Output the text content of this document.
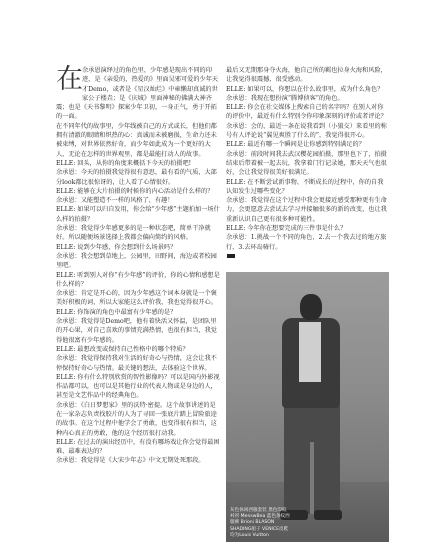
在 余承恩演绎过的角色里，少年感是现出不同的印迹，是《亲爱的，热爱的》里面吴邪可爱的少年天才Demo，或者是《星汉灿烂》中雍懒却真诚的世家公子楼垚；是《庆城》里面神秘的佛满大神齐震；也是《天书黎明》探案少年卫初，一身正气，勇于开拓的一面。

在不同年代的故事里，少年线被自己的方式或长，但他们都拥有清澈的眼睛和炽热的心：真诚而未被磨损，生命力还未被束缚，对世界依然好奇，而少年如此成为一个更好的大人，无论在怎样的世界观里，都是最能打动人的故事。

ELLE: 回头，从你的角度来概括下今天的拍摄吧!

余承恩：今天的拍摄我觉得很有意思，最有看的气质，大部分look都比很惊讶的，让人看了心情很好。

ELLE: 能够在大片拍摄的时候你的内心活动是什么样的？

余承恩：又能塑造不一样的风格了，有趣！

ELLE: 如果可以归自发用，你会给“少年感”主题拍加一场什么样的拍摄？

余承恩：我觉得少年感更多的是一种状态吧，简单干净就好。所以随便场景选择上我都会偏向简约的风格。

ELLE: 说到少年感，你会想到什么场景吗？

余承恩：我会想到草地上，公园里，田野间，海边或者校园里吧。

ELLE: 听到别人对你“有少年感”的评价，你的心情和感想是什么样的？

余承恩：肯定是开心的，因为少年感这个词本身就是一个褒美好积极的词，所以大家能这么评价我，我也觉得很开心。

ELLE: 你饰演的角色中最富有少年感的是？

余承恩：我觉得是Demo吧，他有着快活又怀温，是团队里的开心果，对自己喜欢的事情充满热情，也很有担当，我觉得他很富有少年感的。

ELLE: 最想改变或保持自己性格中的哪个特质？

余承恩：我觉得保持我对生活的好奇心与热情，这会让我不停保持好奇心与热情。最关键的想法，去体验这个世界。

ELLE: 你有什么特别欣赏的智性影像吗？可以是国内外影视作品都可以，也可以是其他行业的代表人物或是身边的人，甚至是文艺作品中的经典角色。

余承恩：《白日梦想家》里的沃特·密提。这个故事讲述的是在一家杂志负责找胶片的人为了寻回一张底片踏上冒险旅途的故事。在这个过程中他学会了勇敢，也变得很有担当，这种内心真正的勇敢，他的这个经历很打动我。

ELLE: 在过去的演出经历中，有没有哪场戏让你会觉得最困难、最难表达的？

余承恩：我觉得是《大宋少年志》中文无期处死那段。

最后又无期那身夺火海，他自己所的羁也拉身火海和风险，让我觉得很震撼，很受感动。

ELLE: 如果可以，你想以在什么故事里，成为什么角色？

余承恩：我现在想扮演“腾博侦客”的角色。

ELLE: 你会在社交媒体上搜索自己的名字吗？在别人对你的评价中，最近有什么特别令你印象深刻的评价或者评论？

余承恩：会的，最近一条在说我看到（小狼交）来看里的称号有人评论说“翼见爽胜了什么的”，我觉得很开心。

ELLE: 最近有哪一个瞬间是让你感到特别满足的？

余承恩：前段时间我去武汉樱花园拍摄，那里也下了，拍摄结束后带着被一起去玩，我拿着门行记录她，那天天气也很好，会让我觉得很美好很满足。

ELLE: 在不断尝试新事物、不断成长的过程中，你的自我认知发生过哪些变化？

余承恩：我觉得在这个过程中我会更接近感受那种更有生命力，会更愿意去尝试去学习并接触很多的新的改变，也让我重新认识自己更有很多种可能性。

ELLE: 今年你在想要完成的三件事是什么？

余承恩：1.挑战一个不同的角色，2.去一个我去过的地方旅行，3.去环岛骑行。

灰色休闲西服套装 黑色印纹衬衫 MenswBea 蓝色条纹西服裤 Brioni BLASON SHADING船子 VENICE皮鞋 均为Louis Vuitton
